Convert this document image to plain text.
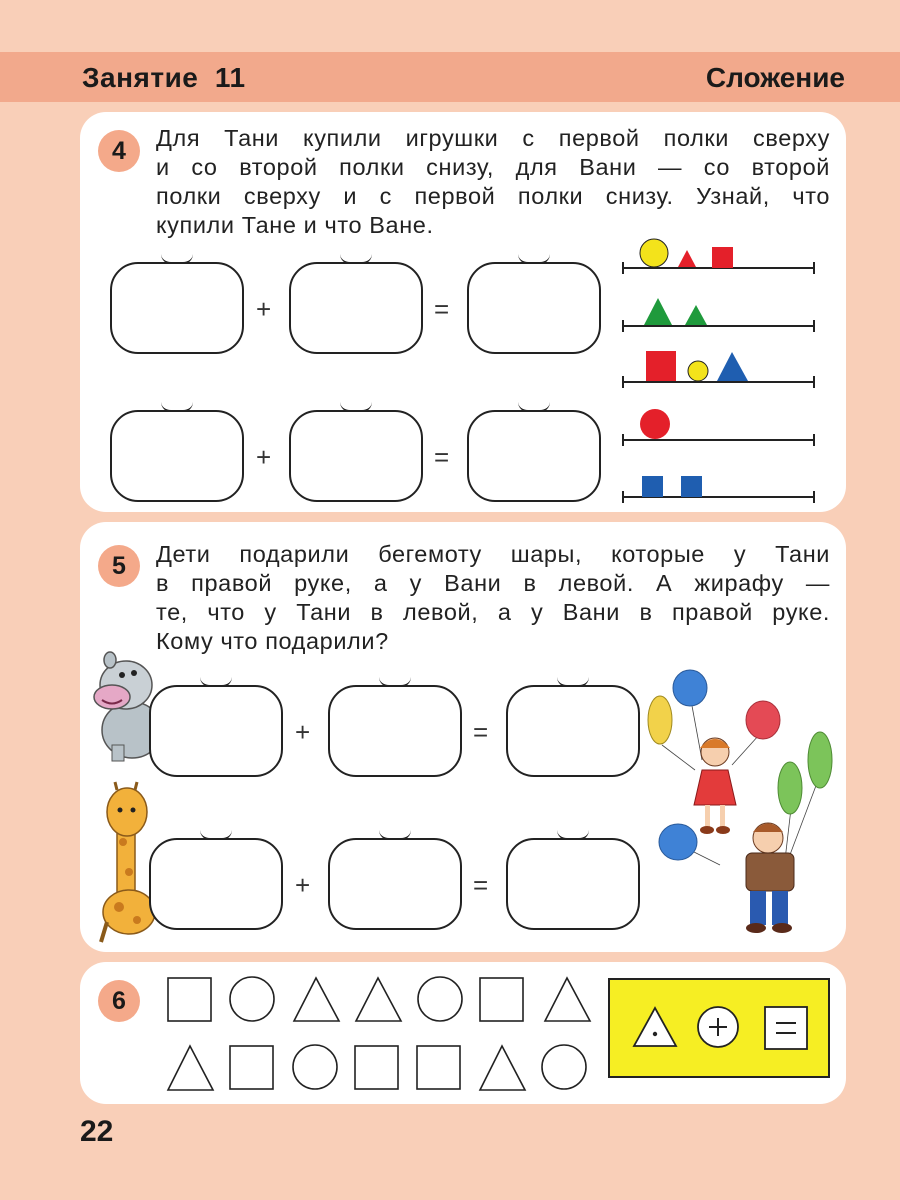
Занятие  11	Сложение
4	Для Тани купили игрушки с первой полки сверху
и со второй полки снизу, для Вани — со второй
полки сверху и с первой полки снизу. Узнай, что
купили Тане и что Ване.
+	=
+	=
5	Дети подарили бегемоту шары, которые у Тани
в правой руке, а у Вани в левой. А жирафу —
те, что у Тани в левой, а у Вани в правой руке.
Кому что подарили?
+	=
+	=
6
22
